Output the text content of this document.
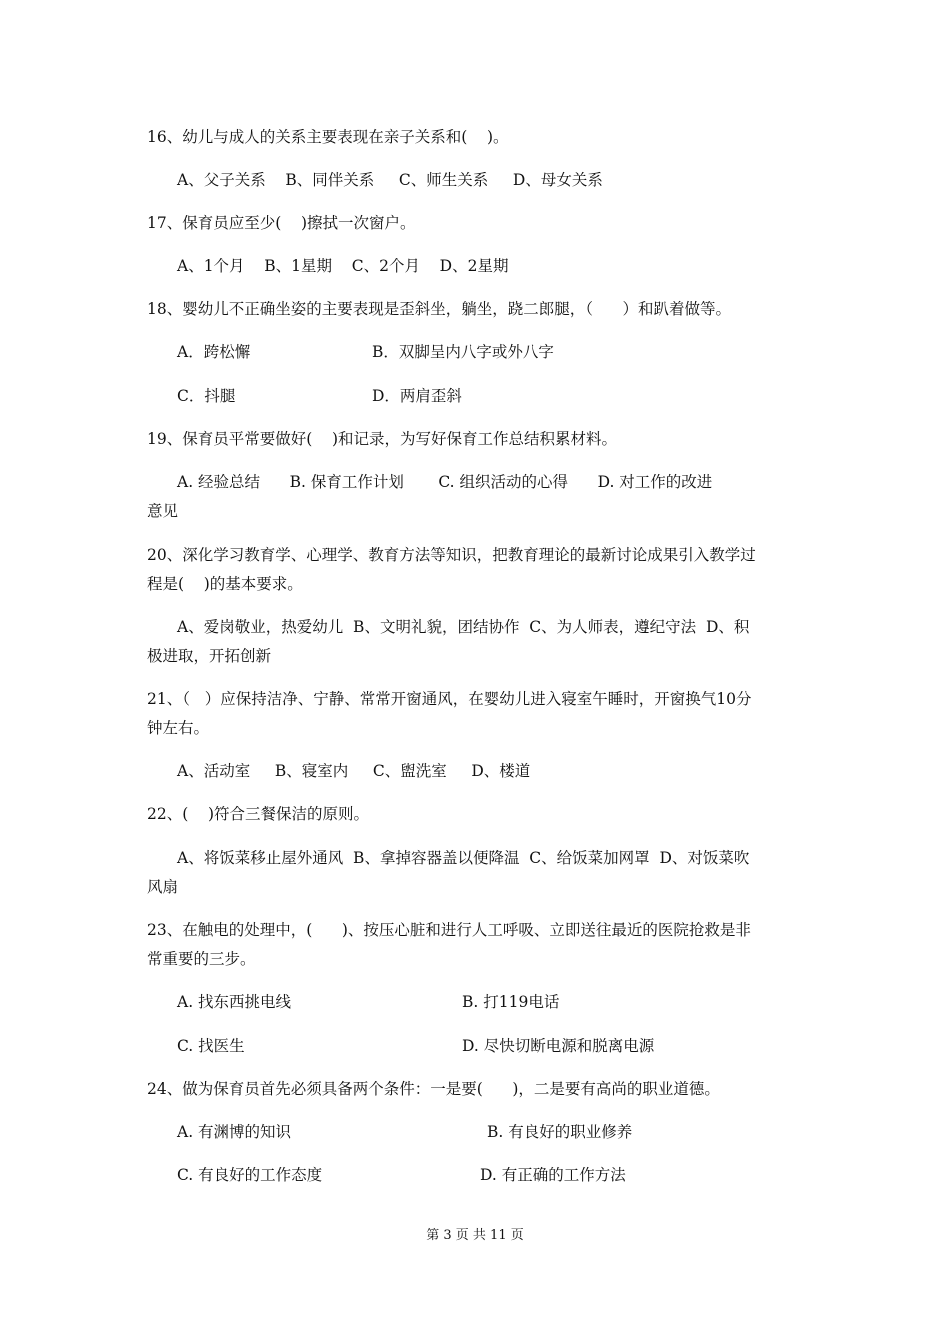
16、幼儿与成人的关系主要表现在亲子关系和(    )。
A、父子关系    B、同伴关系     C、师生关系     D、母女关系
17、保育员应至少(    )擦拭一次窗户。
A、1个月    B、1星期    C、2个月    D、2星期
18、婴幼儿不正确坐姿的主要表现是歪斜坐，躺坐，跷二郎腿，（      ）和趴着做等。
A．跨松懈	B．双脚呈内八字或外八字
C．抖腿	D．两肩歪斜
19、保育员平常要做好(    )和记录，为写好保育工作总结积累材料。
A. 经验总结      B. 保育工作计划       C. 组织活动的心得      D. 对工作的改进
意见
20、深化学习教育学、心理学、教育方法等知识，把教育理论的最新讨论成果引入教学过
程是(    )的基本要求。
A、爱岗敬业，热爱幼儿  B、文明礼貌，团结协作  C、为人师表，遵纪守法  D、积
极进取，开拓创新
21、（   ）应保持洁净、宁静、常常开窗通风，在婴幼儿进入寝室午睡时，开窗换气10分
钟左右。
A、活动室     B、寝室内     C、盥洗室     D、楼道
22、(    )符合三餐保洁的原则。
A、将饭菜移止屋外通风  B、拿掉容器盖以便降温  C、给饭菜加网罩  D、对饭菜吹
风扇
23、在触电的处理中，(      )、按压心脏和进行人工呼吸、立即送往最近的医院抢救是非
常重要的三步。
A. 找东西挑电线	B. 打119电话
C. 找医生	D. 尽快切断电源和脱离电源
24、做为保育员首先必须具备两个条件：一是要(      )，二是要有高尚的职业道德。
A. 有渊博的知识	B. 有良好的职业修养
C. 有良好的工作态度	D. 有正确的工作方法
第 3 页 共 11 页
